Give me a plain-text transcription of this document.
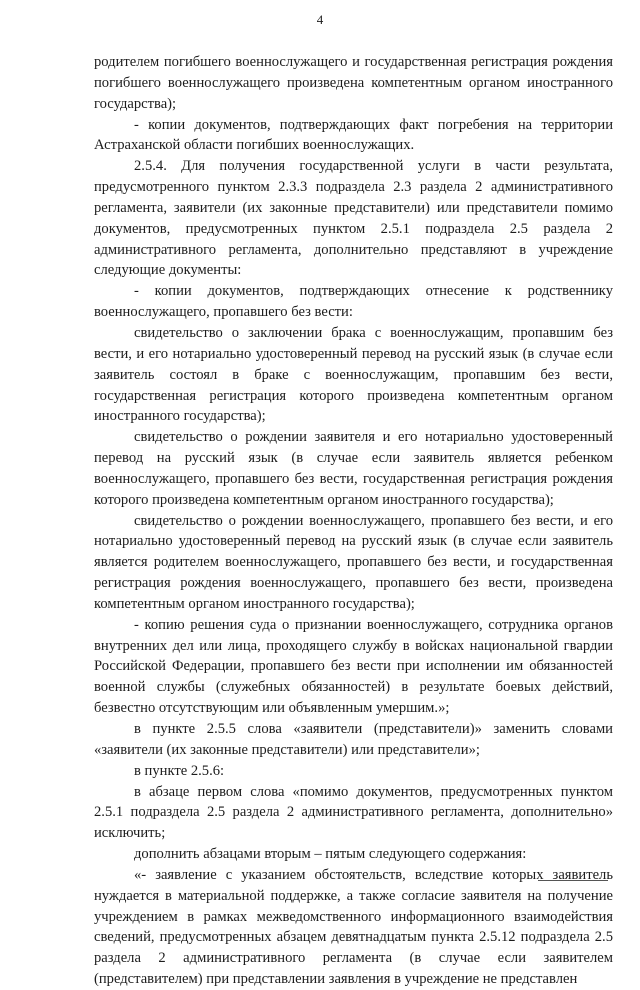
4

родителем погибшего военнослужащего и государственная регистрация рождения погибшего военнослужащего произведена компетентным органом иностранного государства);

- копии документов, подтверждающих факт погребения на территории Астраханской области погибших военнослужащих.

2.5.4. Для получения государственной услуги в части результата, предусмотренного пунктом 2.3.3 подраздела 2.3 раздела 2 административного регламента, заявители (их законные представители) или представители помимо документов, предусмотренных пунктом 2.5.1 подраздела 2.5 раздела 2 административного регламента, дополнительно представляют в учреждение следующие документы:

- копии документов, подтверждающих отнесение к родственнику военнослужащего, пропавшего без вести:

свидетельство о заключении брака с военнослужащим, пропавшим без вести, и его нотариально удостоверенный перевод на русский язык (в случае если заявитель состоял в браке с военнослужащим, пропавшим без вести, государственная регистрация которого произведена компетентным органом иностранного государства);

свидетельство о рождении заявителя и его нотариально удостоверенный перевод на русский язык (в случае если заявитель является ребенком военнослужащего, пропавшего без вести, государственная регистрация рождения которого произведена компетентным органом иностранного государства);

свидетельство о рождении военнослужащего, пропавшего без вести, и его нотариально удостоверенный перевод на русский язык (в случае если заявитель является родителем военнослужащего, пропавшего без вести, и государственная регистрация рождения военнослужащего, пропавшего без вести, произведена компетентным органом иностранного государства);

- копию решения суда о признании военнослужащего, сотрудника органов внутренних дел или лица, проходящего службу в войсках национальной гвардии Российской Федерации, пропавшего без вести при исполнении им обязанностей военной службы (служебных обязанностей) в результате боевых действий, безвестно отсутствующим или объявленным умершим.»;

в пункте 2.5.5 слова «заявители (представители)» заменить словами «заявители (их законные представители) или представители»;

в пункте 2.5.6:

в абзаце первом слова «помимо документов, предусмотренных пунктом 2.5.1 подраздела 2.5 раздела 2 административного регламента, дополнительно» исключить;

дополнить абзацами вторым – пятым следующего содержания:

«- заявление с указанием обстоятельств, вследствие которых заявитель нуждается в материальной поддержке, а также согласие заявителя на получение учреждением в рамках межведомственного информационного взаимодействия сведений, предусмотренных абзацем девятнадцатым пункта 2.5.12 подраздела 2.5 раздела 2 административного регламента (в случае если заявителем (представителем) при представлении заявления в учреждение не представлен
